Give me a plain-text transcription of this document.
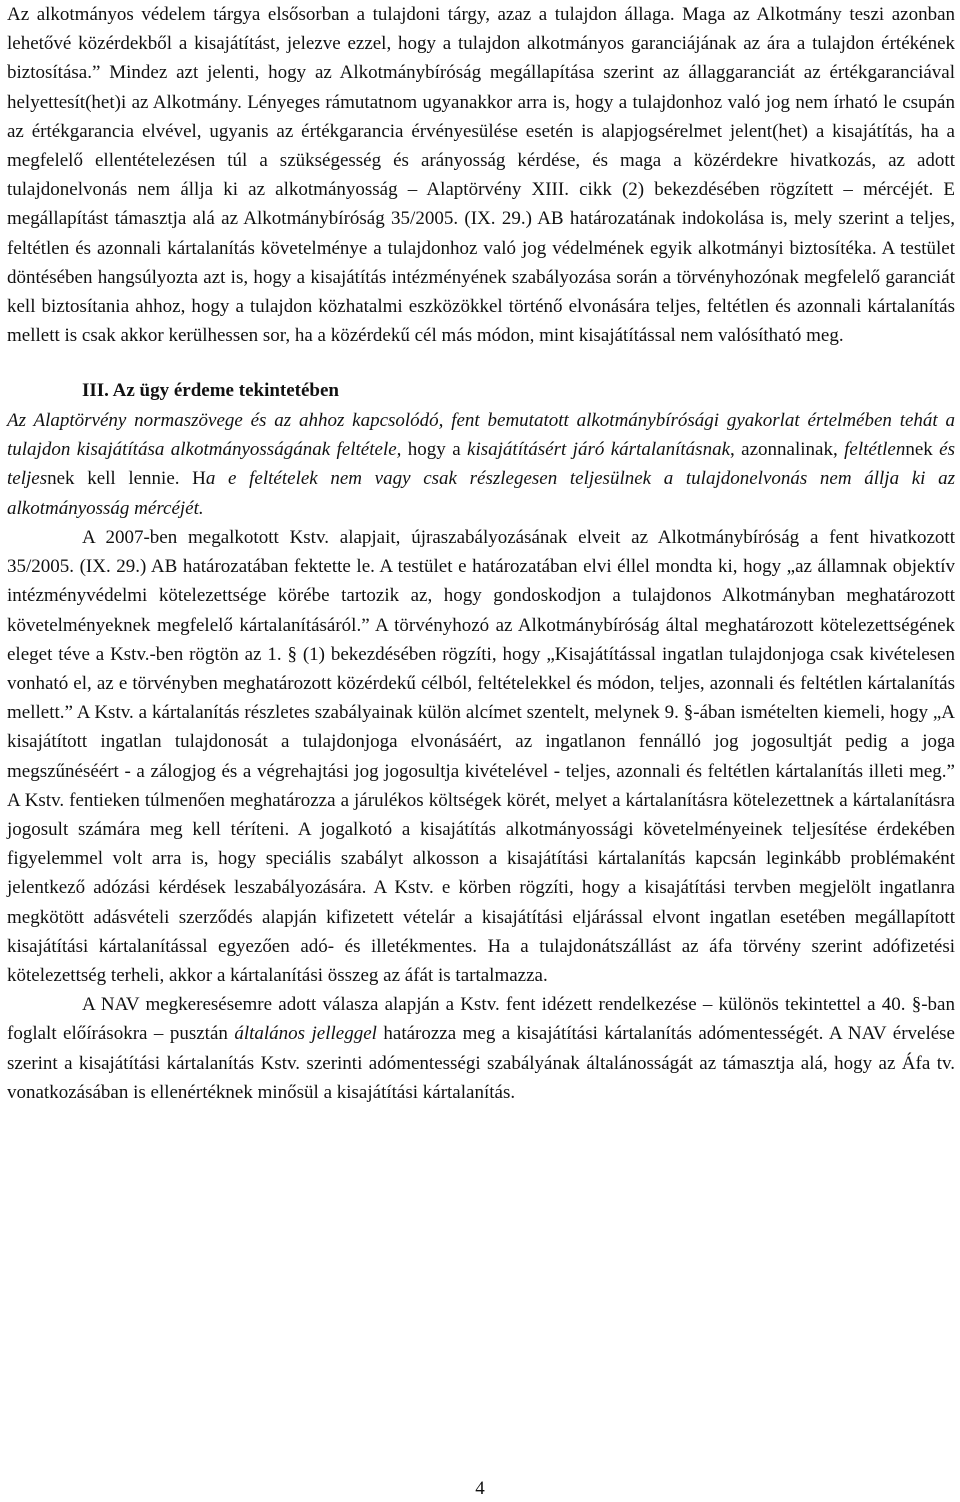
Az alkotmányos védelem tárgya elsősorban a tulajdoni tárgy, azaz a tulajdon állaga. Maga az Alkotmány teszi azonban lehetővé közérdekből a kisajátítást, jelezve ezzel, hogy a tulajdon alkotmányos garanciájának az ára a tulajdon értékének biztosítása.” Mindez azt jelenti, hogy az Alkotmánybíróság megállapítása szerint az állaggaranciát az értékgaranciával helyettesít(het)i az Alkotmány. Lényeges rámutatnom ugyanakkor arra is, hogy a tulajdonhoz való jog nem írható le csupán az értékgarancia elvével, ugyanis az értékgarancia érvényesülése esetén is alapjogsérelmet jelent(het) a kisajátítás, ha a megfelelő ellentételezésen túl a szükségesség és arányosság kérdése, és maga a közérdekre hivatkozás, az adott tulajdonelvonás nem állja ki az alkotmányosság – Alaptörvény XIII. cikk (2) bekezdésében rögzített – mércéjét. E megállapítást támasztja alá az Alkotmánybíróság 35/2005. (IX. 29.) AB határozatának indokolása is, mely szerint a teljes, feltétlen és azonnali kártalanítás követelménye a tulajdonhoz való jog védelmének egyik alkotmányi biztosítéka. A testület döntésében hangsúlyozta azt is, hogy a kisajátítás intézményének szabályozása során a törvényhozónak megfelelő garanciát kell biztosítania ahhoz, hogy a tulajdon közhatalmi eszközökkel történő elvonására teljes, feltétlen és azonnali kártalanítás mellett is csak akkor kerülhessen sor, ha a közérdekű cél más módon, mint kisajátítással nem valósítható meg.

III. Az ügy érdeme tekintetében
Az Alaptörvény normaszövege és az ahhoz kapcsolódó, fent bemutatott alkotmánybírósági gyakorlat értelmében tehát a tulajdon kisajátítása alkotmányosságának feltétele, hogy a kisajátításért járó kártalanításnak, azonnalinak, feltétlennek és teljesnek kell lennie. Ha e feltételek nem vagy csak részlegesen teljesülnek a tulajdonelvonás nem állja ki az alkotmányosság mércéjét.

A 2007-ben megalkotott Kstv. alapjait, újraszabályozásának elveit az Alkotmánybíróság a fent hivatkozott 35/2005. (IX. 29.) AB határozatában fektette le. A testület e határozatában elvi éllel mondta ki, hogy „az államnak objektív intézményvédelmi kötelezettsége körébe tartozik az, hogy gondoskodjon a tulajdonos Alkotmányban meghatározott követelményeknek megfelelő kártalanításáról.” A törvényhozó az Alkotmánybíróság által meghatározott kötelezettségének eleget téve a Kstv.-ben rögtön az 1. § (1) bekezdésében rögzíti, hogy „Kisajátítással ingatlan tulajdonjoga csak kivételesen vonható el, az e törvényben meghatározott közérdekű célból, feltételekkel és módon, teljes, azonnali és feltétlen kártalanítás mellett.” A Kstv. a kártalanítás részletes szabályainak külön alcímet szentelt, melynek 9. §-ában ismételten kiemeli, hogy „A kisajátított ingatlan tulajdonosát a tulajdonjoga elvonásáért, az ingatlanon fennálló jog jogosultját pedig a joga megszűnéséért - a zálogjog és a végrehajtási jog jogosultja kivételével - teljes, azonnali és feltétlen kártalanítás illeti meg.” A Kstv. fentieken túlmenően meghatározza a járulékos költségek körét, melyet a kártalanításra kötelezettnek a kártalanításra jogosult számára meg kell téríteni. A jogalkotó a kisajátítás alkotmányossági követelményeinek teljesítése érdekében figyelemmel volt arra is, hogy speciális szabályt alkosson a kisajátítási kártalanítás kapcsán leginkább problémaként jelentkező adózási kérdések leszabályozására. A Kstv. e körben rögzíti, hogy a kisajátítási tervben megjelölt ingatlanra megkötött adásvételi szerződés alapján kifizetett vételár a kisajátítási eljárással elvont ingatlan esetében megállapított kisajátítási kártalanítással egyezően adó- és illetékmentes. Ha a tulajdonátszállást az áfa törvény szerint adófizetési kötelezettség terheli, akkor a kártalanítási összeg az áfát is tartalmazza.

A NAV megkeresésemre adott válasza alapján a Kstv. fent idézett rendelkezése – különös tekintettel a 40. §-ban foglalt előírásokra – pusztán általános jelleggel határozza meg a kisajátítási kártalanítás adómentességét. A NAV érvelése szerint a kisajátítási kártalanítás Kstv. szerinti adómentességi szabályának általánosságát az támasztja alá, hogy az Áfa tv. vonatkozásában is ellenértéknek minősül a kisajátítási kártalanítás.

4
